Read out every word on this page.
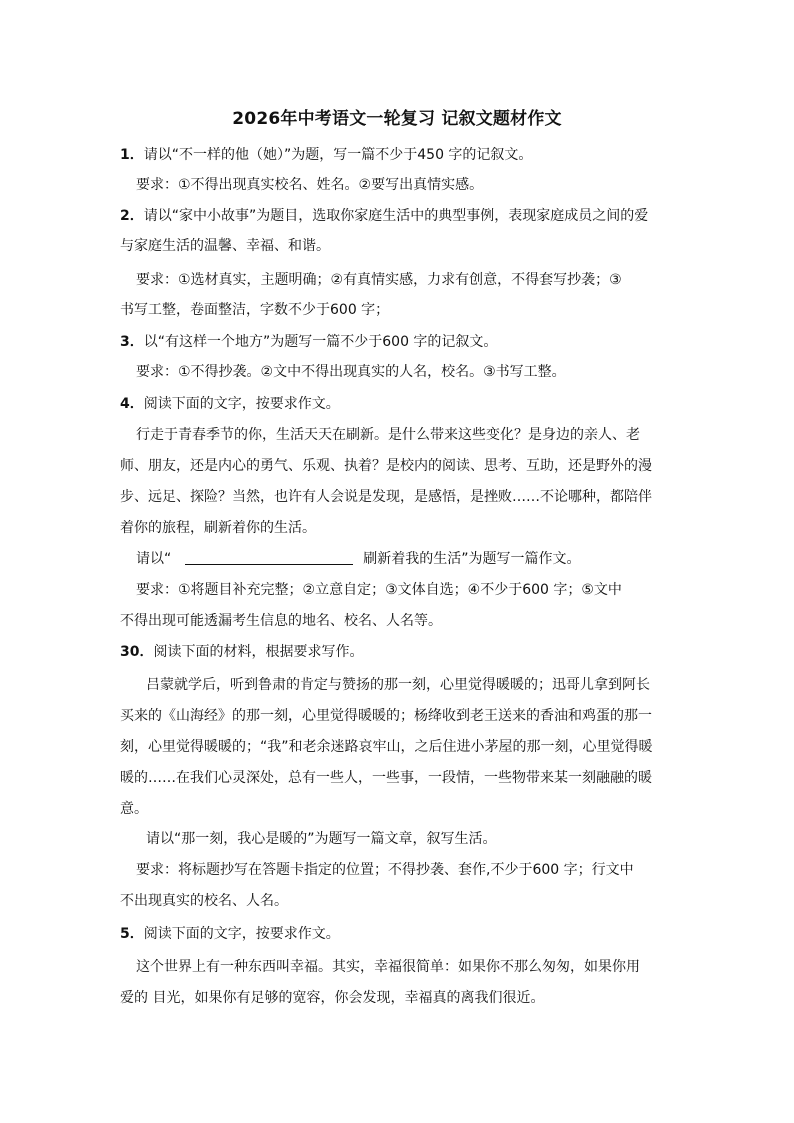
2026年中考语文一轮复习 记叙文题材作文
1．请以“不一样的他（她）”为题，写一篇不少于450 字的记叙文。
要求：①不得出现真实校名、姓名。②要写出真情实感。
2．请以“家中小故事”为题目，选取你家庭生活中的典型事例，表现家庭成员之间的爱
与家庭生活的温馨、幸福、和谐。
要求：①选材真实，主题明确；②有真情实感，力求有创意，不得套写抄袭；③
书写工整，卷面整洁，字数不少于600 字；
3．以“有这样一个地方”为题写一篇不少于600 字的记叙文。
要求：①不得抄袭。②文中不得出现真实的人名，校名。③书写工整。
4．阅读下面的文字，按要求作文。
行走于青春季节的你，生活天天在刷新。是什么带来这些变化？是身边的亲人、老
师、朋友，还是内心的勇气、乐观、执着？是校内的阅读、思考、互助，还是野外的漫
步、远足、探险？当然，也许有人会说是发现，是感悟，是挫败……不论哪种，都陪伴
着你的旅程，刷新着你的生活。
请以“	刷新着我的生活”为题写一篇作文。
要求：①将题目补充完整；②立意自定；③文体自选；④不少于600 字；⑤文中
不得出现可能透漏考生信息的地名、校名、人名等。
30．阅读下面的材料，根据要求写作。
吕蒙就学后，听到鲁肃的肯定与赞扬的那一刻，心里觉得暖暖的；迅哥儿拿到阿长
买来的《山海经》的那一刻，心里觉得暖暖的；杨绛收到老王送来的香油和鸡蛋的那一
刻，心里觉得暖暖的；“我”和老余迷路哀牢山，之后住进小茅屋的那一刻，心里觉得暖
暖的……在我们心灵深处，总有一些人，一些事，一段情，一些物带来某一刻融融的暖
意。
请以“那一刻，我心是暖的”为题写一篇文章，叙写生活。
要求：将标题抄写在答题卡指定的位置；不得抄袭、套作,不少于600 字；行文中
不出现真实的校名、人名。
5．阅读下面的文字，按要求作文。
这个世界上有一种东西叫幸福。其实，幸福很简单：如果你不那么匆匆，如果你用
爱的 目光，如果你有足够的宽容，你会发现，幸福真的离我们很近。
